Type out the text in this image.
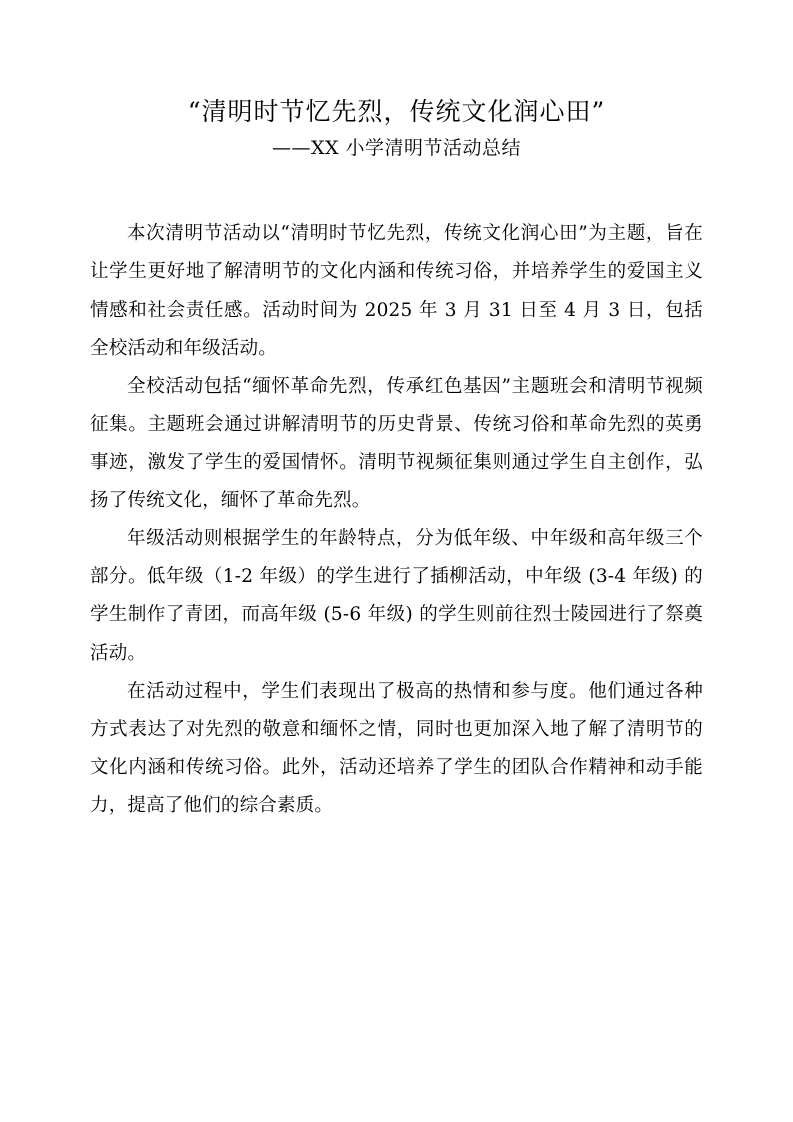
“清明时节忆先烈，传统文化润心田”
——XX 小学清明节活动总结

本次清明节活动以“清明时节忆先烈，传统文化润心田”为主题，旨在让学生更好地了解清明节的文化内涵和传统习俗，并培养学生的爱国主义情感和社会责任感。活动时间为 2025 年 3 月 31 日至 4 月 3 日，包括全校活动和年级活动。

全校活动包括“缅怀革命先烈，传承红色基因”主题班会和清明节视频征集。主题班会通过讲解清明节的历史背景、传统习俗和革命先烈的英勇事迹，激发了学生的爱国情怀。清明节视频征集则通过学生自主创作，弘扬了传统文化，缅怀了革命先烈。

年级活动则根据学生的年龄特点，分为低年级、中年级和高年级三个部分。低年级（1-2 年级）的学生进行了插柳活动，中年级 (3-4 年级) 的学生制作了青团，而高年级 (5-6 年级) 的学生则前往烈士陵园进行了祭奠活动。

在活动过程中，学生们表现出了极高的热情和参与度。他们通过各种方式表达了对先烈的敬意和缅怀之情，同时也更加深入地了解了清明节的文化内涵和传统习俗。此外，活动还培养了学生的团队合作精神和动手能力，提高了他们的综合素质。
